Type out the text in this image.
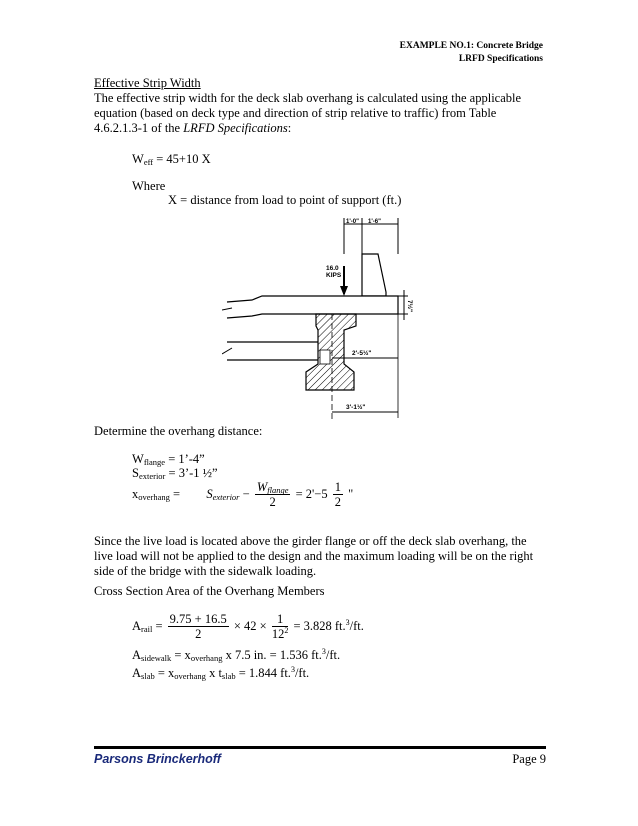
EXAMPLE NO.1: Concrete Bridge
LRFD Specifications
Effective Strip Width
The effective strip width for the deck slab overhang is calculated using the applicable equation (based on deck type and direction of strip relative to traffic) from Table 4.6.2.1.3-1 of the LRFD Specifications:
$W_{eff} = 45+10$ X
Where
X = distance from load to point of support (ft.)
1'-0" 1'-6"
16.0
KIPS
7½"
2'-5½"
3'-1½"
Determine the overhang distance:
$W_{flange}$ = 1’-4”
$S_{exterior}$ = 3’-1 ½”
$x_{overhang} = S_{exterior} - \frac{W_{flange}}{2} = 2'-5 \frac{1}{2}$ "
Since the live load is located above the girder flange or off the deck slab overhang, the live load will not be applied to the design and the maximum loading will be on the right side of the bridge with the sidewalk loading.
Cross Section Area of the Overhang Members
$A_{rail} = \frac{9.75 + 16.5}{2} \times 42 \times \frac{1}{12^2} = 3.828$ ft.$^3$/ft.
$A_{sidewalk} = x_{overhang}$ x 7.5 in. = 1.536 ft.$^3$/ft.
$A_{slab} = x_{overhang}$ x $t_{slab} = 1.844$ ft.$^3$/ft.
Parsons Brinckerhoff	Page 9
